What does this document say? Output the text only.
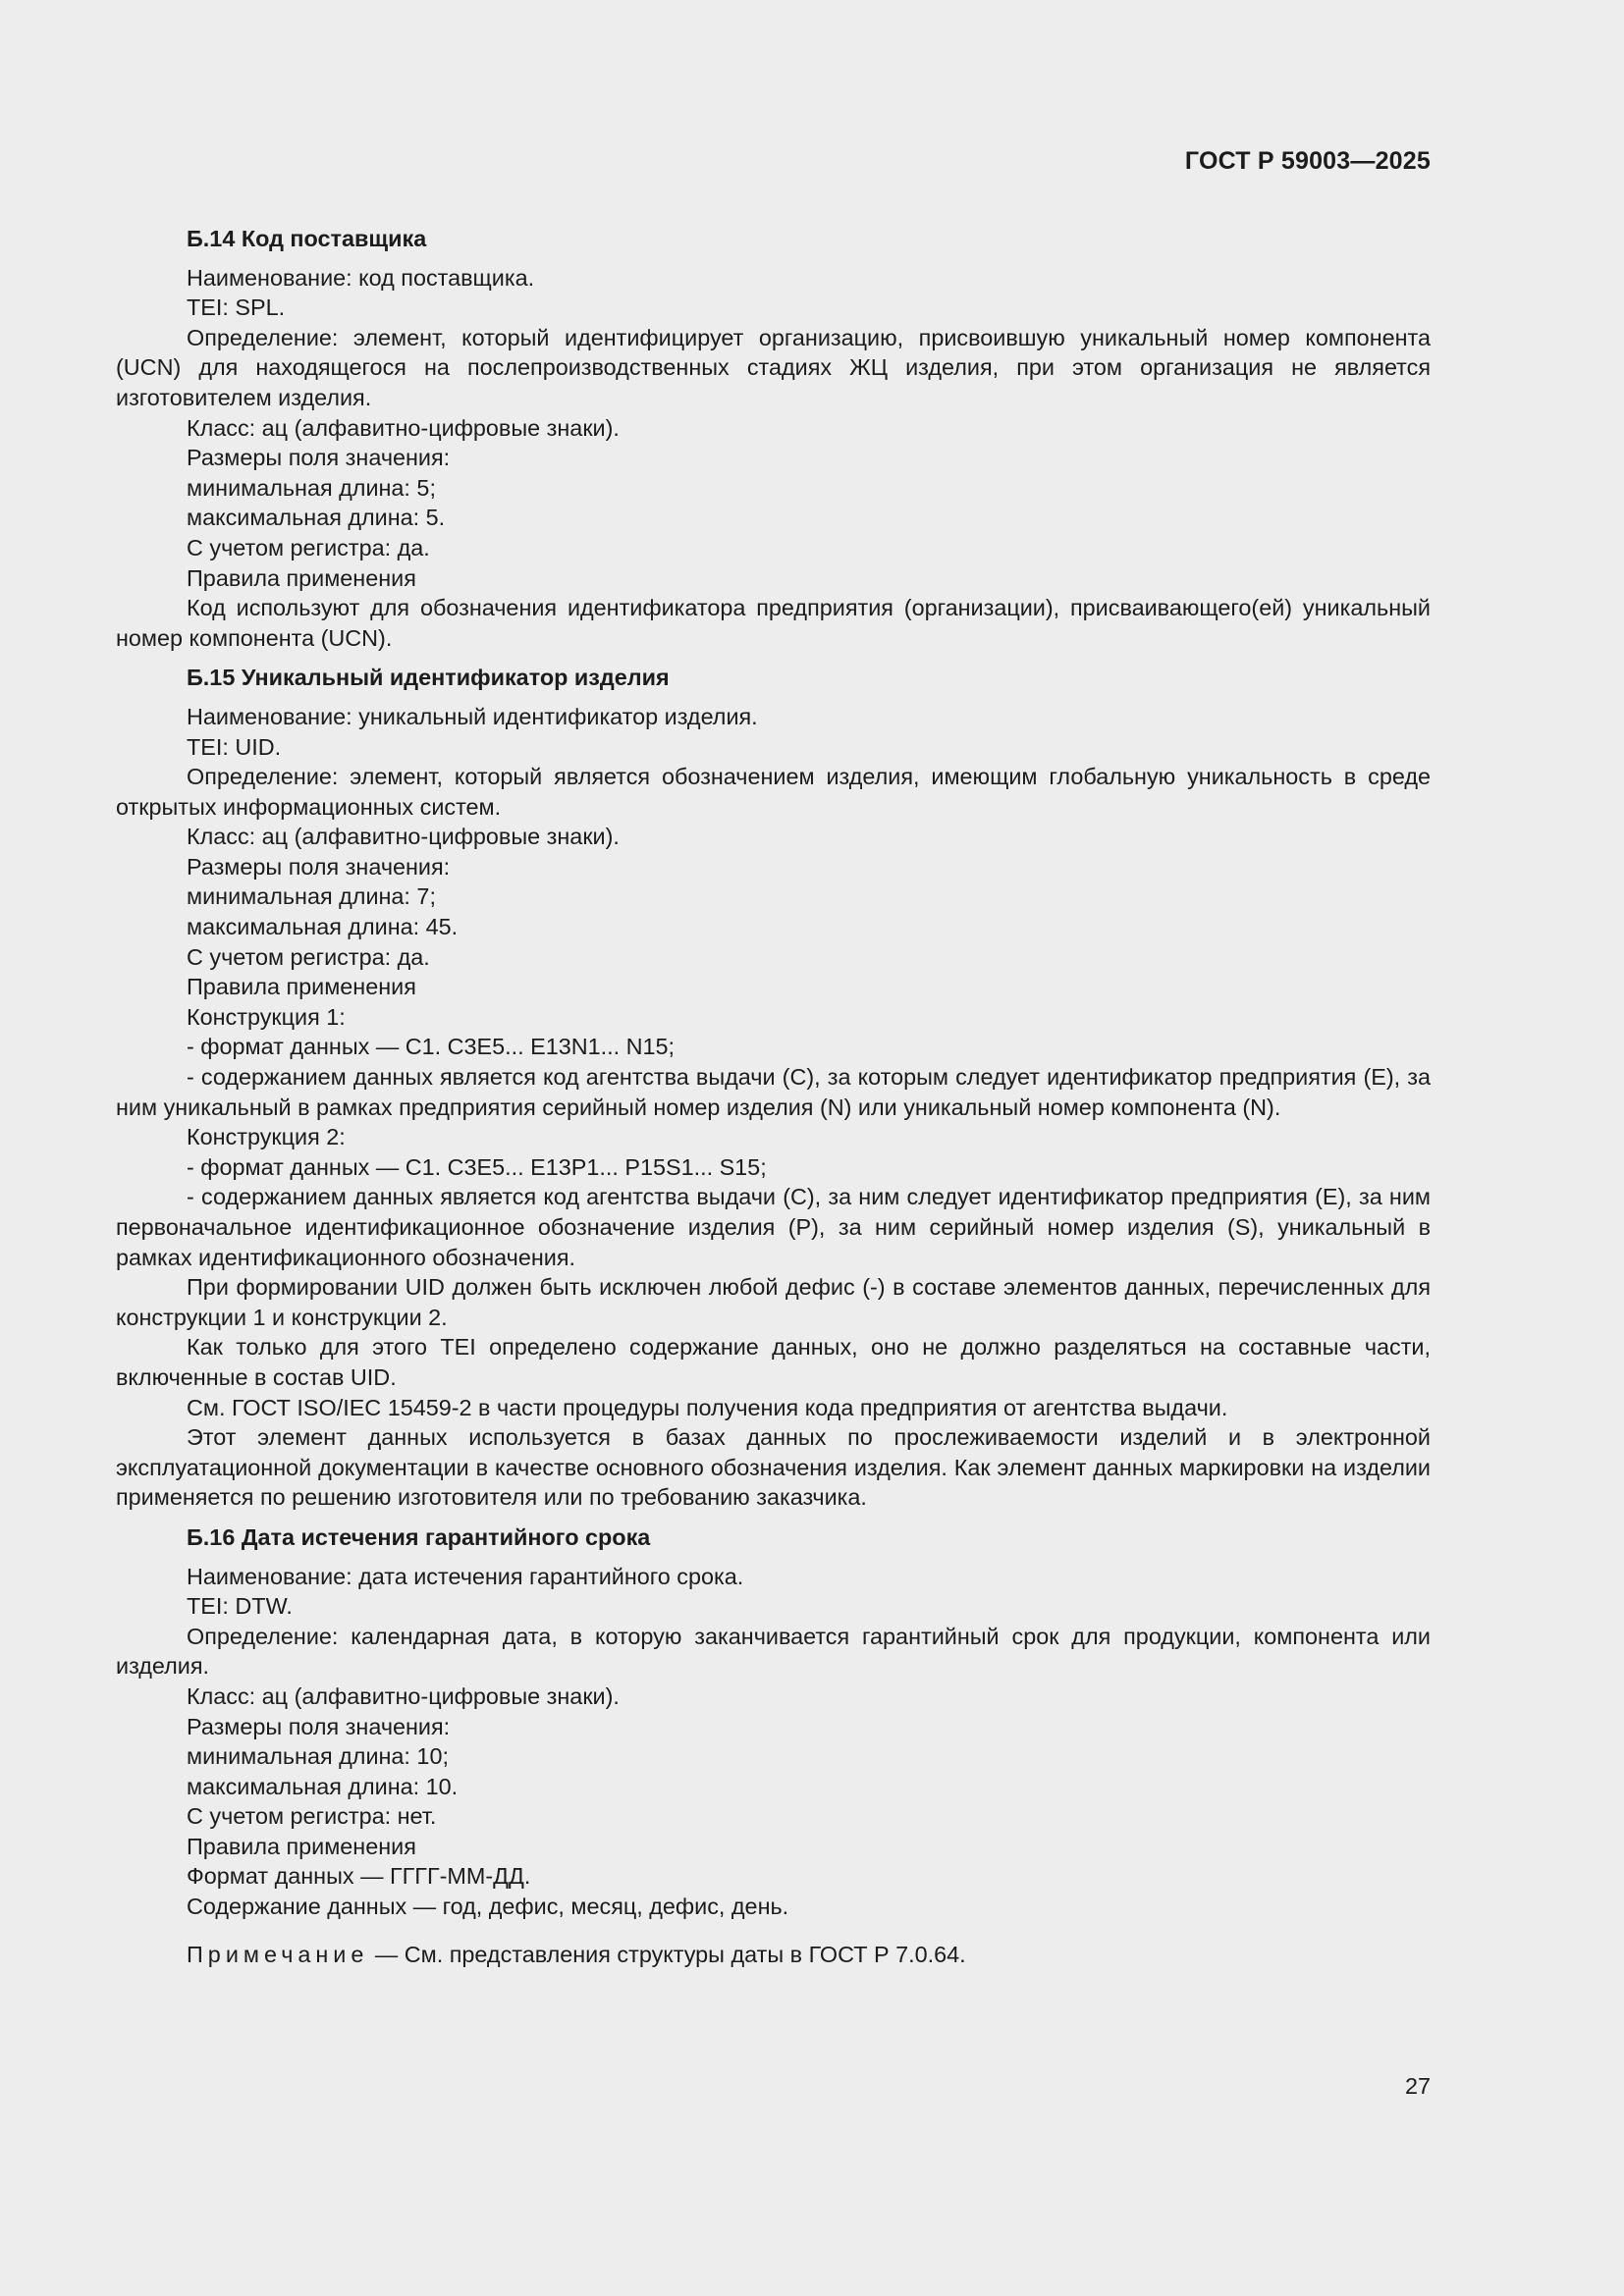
ГОСТ Р 59003—2025

Б.14 Код поставщика

Наименование: код поставщика.

TEI: SPL.

Определение: элемент, который идентифицирует организацию, присвоившую уникальный номер компонента (UCN) для находящегося на послепроизводственных стадиях ЖЦ изделия, при этом организация не является изготовителем изделия.

Класс: ац (алфавитно-цифровые знаки).

Размеры поля значения:

минимальная длина: 5;

максимальная длина: 5.

С учетом регистра: да.

Правила применения

Код используют для обозначения идентификатора предприятия (организации), присваивающего(ей) уникальный номер компонента (UCN).

Б.15 Уникальный идентификатор изделия

Наименование: уникальный идентификатор изделия.

TEI: UID.

Определение: элемент, который является обозначением изделия, имеющим глобальную уникальность в среде открытых информационных систем.

Класс: ац (алфавитно-цифровые знаки).

Размеры поля значения:

минимальная длина: 7;

максимальная длина: 45.

С учетом регистра: да.

Правила применения

Конструкция 1:

- формат данных — C1. C3E5... E13N1... N15;

- содержанием данных является код агентства выдачи (С), за которым следует идентификатор предприятия (Е), за ним уникальный в рамках предприятия серийный номер изделия (N) или уникальный номер компонента (N).

Конструкция 2:

- формат данных — C1. C3E5... E13P1... P15S1... S15;

- содержанием данных является код агентства выдачи (С), за ним следует идентификатор предприятия (Е), за ним первоначальное идентификационное обозначение изделия (Р), за ним серийный номер изделия (S), уникальный в рамках идентификационного обозначения.

При формировании UID должен быть исключен любой дефис (-) в составе элементов данных, перечисленных для конструкции 1 и конструкции 2.

Как только для этого TEI определено содержание данных, оно не должно разделяться на составные части, включенные в состав UID.

См. ГОСТ ISO/IEC 15459-2 в части процедуры получения кода предприятия от агентства выдачи.

Этот элемент данных используется в базах данных по прослеживаемости изделий и в электронной эксплуатационной документации в качестве основного обозначения изделия. Как элемент данных маркировки на изделии применяется по решению изготовителя или по требованию заказчика.

Б.16 Дата истечения гарантийного срока

Наименование: дата истечения гарантийного срока.

TEI: DTW.

Определение: календарная дата, в которую заканчивается гарантийный срок для продукции, компонента или изделия.

Класс: ац (алфавитно-цифровые знаки).

Размеры поля значения:

минимальная длина: 10;

максимальная длина: 10.

С учетом регистра: нет.

Правила применения

Формат данных — ГГГГ-ММ-ДД.

Содержание данных — год, дефис, месяц, дефис, день.

Примечание — См. представления структуры даты в ГОСТ Р 7.0.64.

27
